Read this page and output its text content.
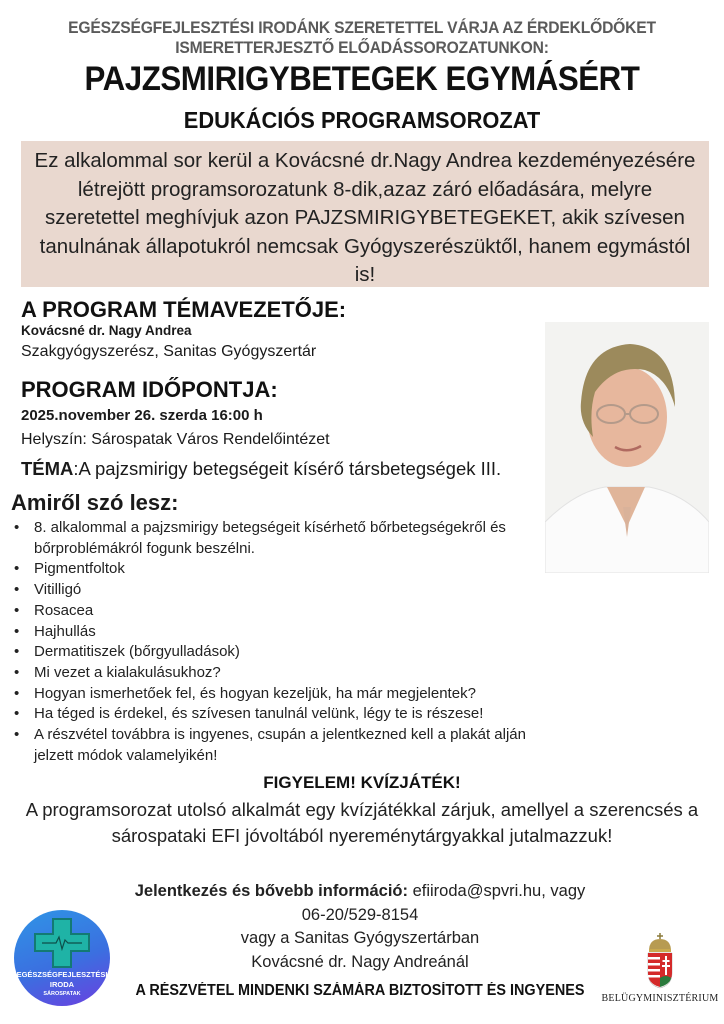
EGÉSZSÉGFEJLESZTÉSI IRODÁNK SZERETETTEL VÁRJA AZ ÉRDEKLŐDŐKET
ISMERETTERJESZTŐ ELŐADÁSSOROZATUNKON:
PAJZSMIRIGYBETEGEK EGYMÁSÉRT
EDUKÁCIÓS PROGRAMSOROZAT

Ez alkalommal sor kerül a Kovácsné dr.Nagy Andrea kezdeményezésére létrejött programsorozatunk 8-dik,azaz záró előadására, melyre szeretettel meghívjuk azon PAJZSMIRIGYBETEGEKET, akik szívesen tanulnának állapotukról nemcsak Gyógyszerészüktől, hanem egymástól is!

A PROGRAM TÉMAVEZETŐJE:
Kovácsné dr. Nagy Andrea
Szakgyógyszerész, Sanitas Gyógyszertár
PROGRAM IDŐPONTJA:
2025.november 26. szerda 16:00 h
Helyszín: Sárospatak Város Rendelőintézet
TÉMA:A pajzsmirigy betegségeit kísérő társbetegségek III.
Amiről szó lesz:
• 8. alkalommal a pajzsmirigy betegségeit kísérhető bőrbetegségekről és bőrproblémákról fogunk beszélni.
• Pigmentfoltok
• Vitilligó
• Rosacea
• Hajhullás
• Dermatitiszek (bőrgyulladások)
• Mi vezet a kialakulásukhoz?
• Hogyan ismerhetőek fel, és hogyan kezeljük, ha már megjelentek?
• Ha téged is érdekel, és szívesen tanulnál velünk, légy te is részese!
• A részvétel továbbra is ingyenes, csupán a jelentkezned kell a plakát alján jelzett módok valamelyikén!
FIGYELEM! KVÍZJÁTÉK!
A programsorozat utolsó alkalmát egy kvízjátékkal zárjuk, amellyel a szerencsés a sárospataki EFI jóvoltából nyereménytárgyakkal jutalmazzuk!
Jelentkezés és bővebb információ: efiiroda@spvri.hu, vagy
06-20/529-8154
vagy a Sanitas Gyógyszertárban
Kovácsné dr. Nagy Andreánál
A RÉSZVÉTEL MINDENKI SZÁMÁRA BIZTOSÍTOTT ÉS INGYENES
EGÉSZSÉGFEJLESZTÉSI
IRODA
SÁROSPATAK	BELÜGYMINISZTÉRIUM
